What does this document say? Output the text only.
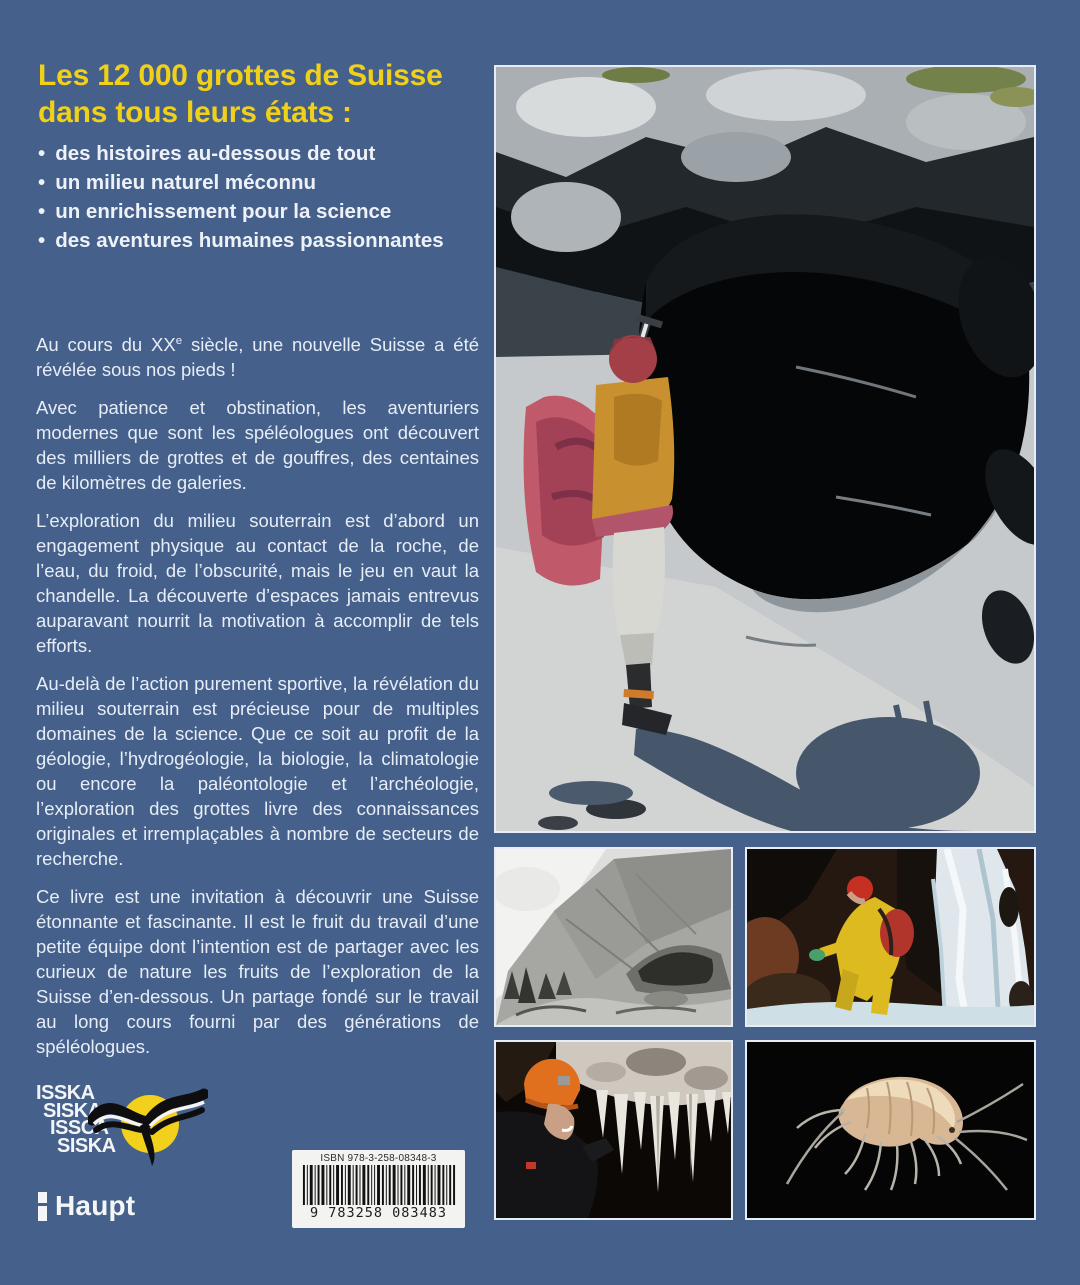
Les 12 000 grottes de Suisse
dans tous leurs états :
• des histoires au-dessous de tout
• un milieu naturel méconnu
• un enrichissement pour la science
• des aventures humaines passionnantes

Au cours du XXe siècle, une nouvelle Suisse a été révélée sous nos pieds !

Avec patience et obstination, les aventuriers modernes que sont les spéléologues ont découvert des milliers de grottes et de gouffres, des centaines de kilomètres de galeries.

L’exploration du milieu souterrain est d’abord un engagement physique au contact de la roche, de l’eau, du froid, de l’obscurité, mais le jeu en vaut la chandelle. La découverte d’espaces jamais entrevus auparavant nourrit la motivation à accomplir de tels efforts.

Au-delà de l’action purement sportive, la révélation du milieu souterrain est précieuse pour de multiples domaines de la science. Que ce soit au profit de la géologie, l’hydrogéologie, la biologie, la climatologie ou encore la paléontologie et l’archéologie, l’exploration des grottes livre des connaissances originales et irremplaçables à nombre de secteurs de recherche.

Ce livre est une invitation à découvrir une Suisse étonnante et fascinante. Il est le fruit du travail d’une petite équipe dont l’intention est de partager avec les curieux de nature les fruits de l’exploration de la Suisse d’en-dessous. Un partage fondé sur le travail au long cours fourni par des générations de spéléologues.

ISSKA
SISKA
ISSCA
SISKA
Haupt
ISBN 978-3-258-08348-3
9 783258 083483
